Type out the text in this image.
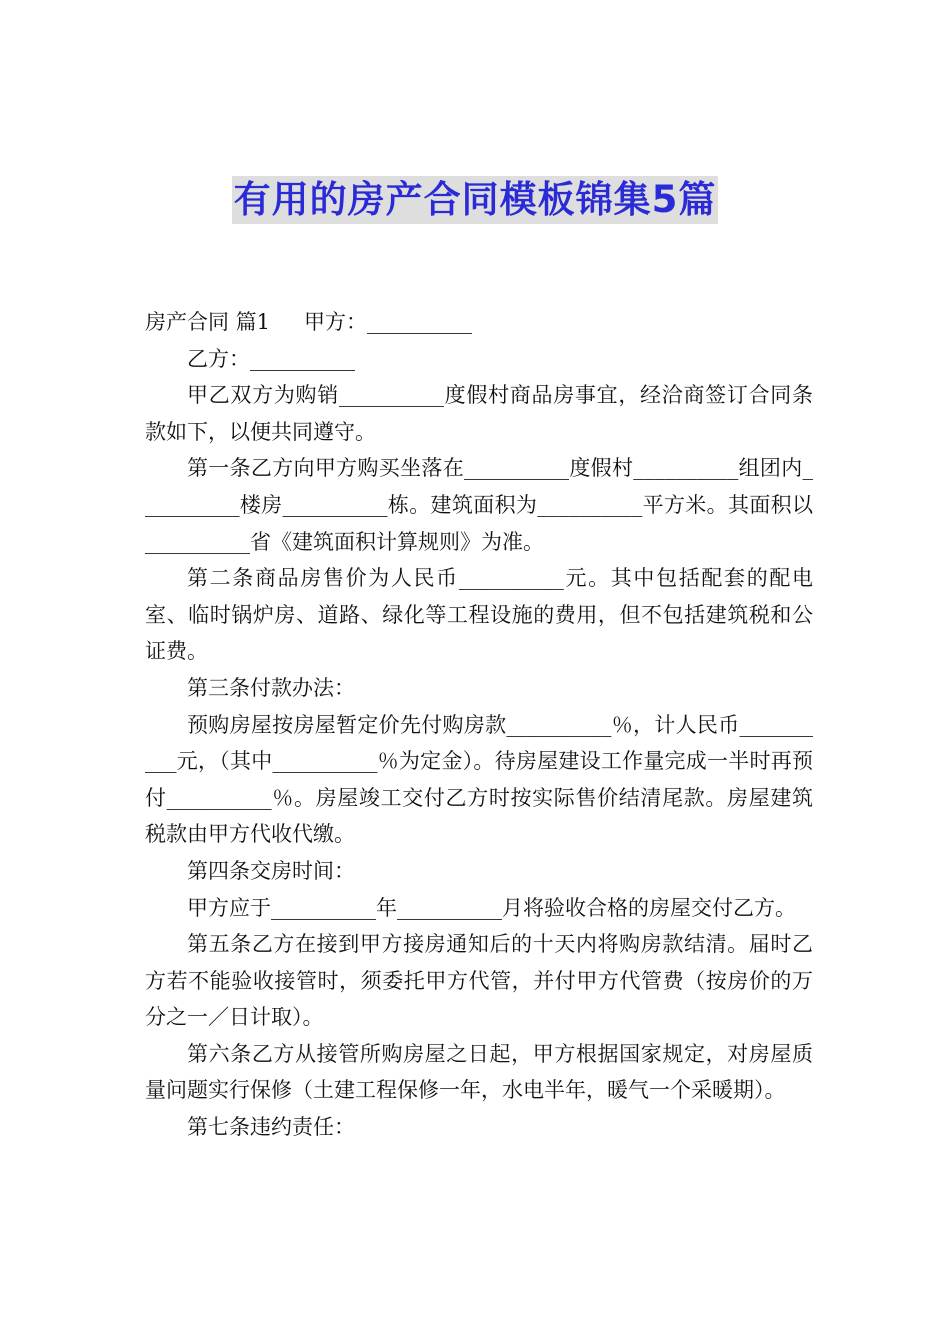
有用的房产合同模板锦集5篇

房产合同 篇1 甲方：__________

乙方：__________

甲乙双方为购销__________度假村商品房事宜，经洽商签订合同条款如下，以便共同遵守。

第一条乙方向甲方购买坐落在__________度假村__________组团内__________楼房__________栋。建筑面积为__________平方米。其面积以__________省《建筑面积计算规则》为准。

第二条商品房售价为人民币__________元。其中包括配套的配电室、临时锅炉房、道路、绿化等工程设施的费用，但不包括建筑税和公证费。

第三条付款办法：

预购房屋按房屋暂定价先付购房款__________％，计人民币__________元，（其中__________％为定金）。待房屋建设工作量完成一半时再预付__________％。房屋竣工交付乙方时按实际售价结清尾款。房屋建筑税款由甲方代收代缴。

第四条交房时间：

甲方应于__________年__________月将验收合格的房屋交付乙方。

第五条乙方在接到甲方接房通知后的十天内将购房款结清。届时乙方若不能验收接管时，须委托甲方代管，并付甲方代管费（按房价的万分之一／日计取）。

第六条乙方从接管所购房屋之日起，甲方根据国家规定，对房屋质量问题实行保修（土建工程保修一年，水电半年，暖气一个采暖期）。

第七条违约责任：
